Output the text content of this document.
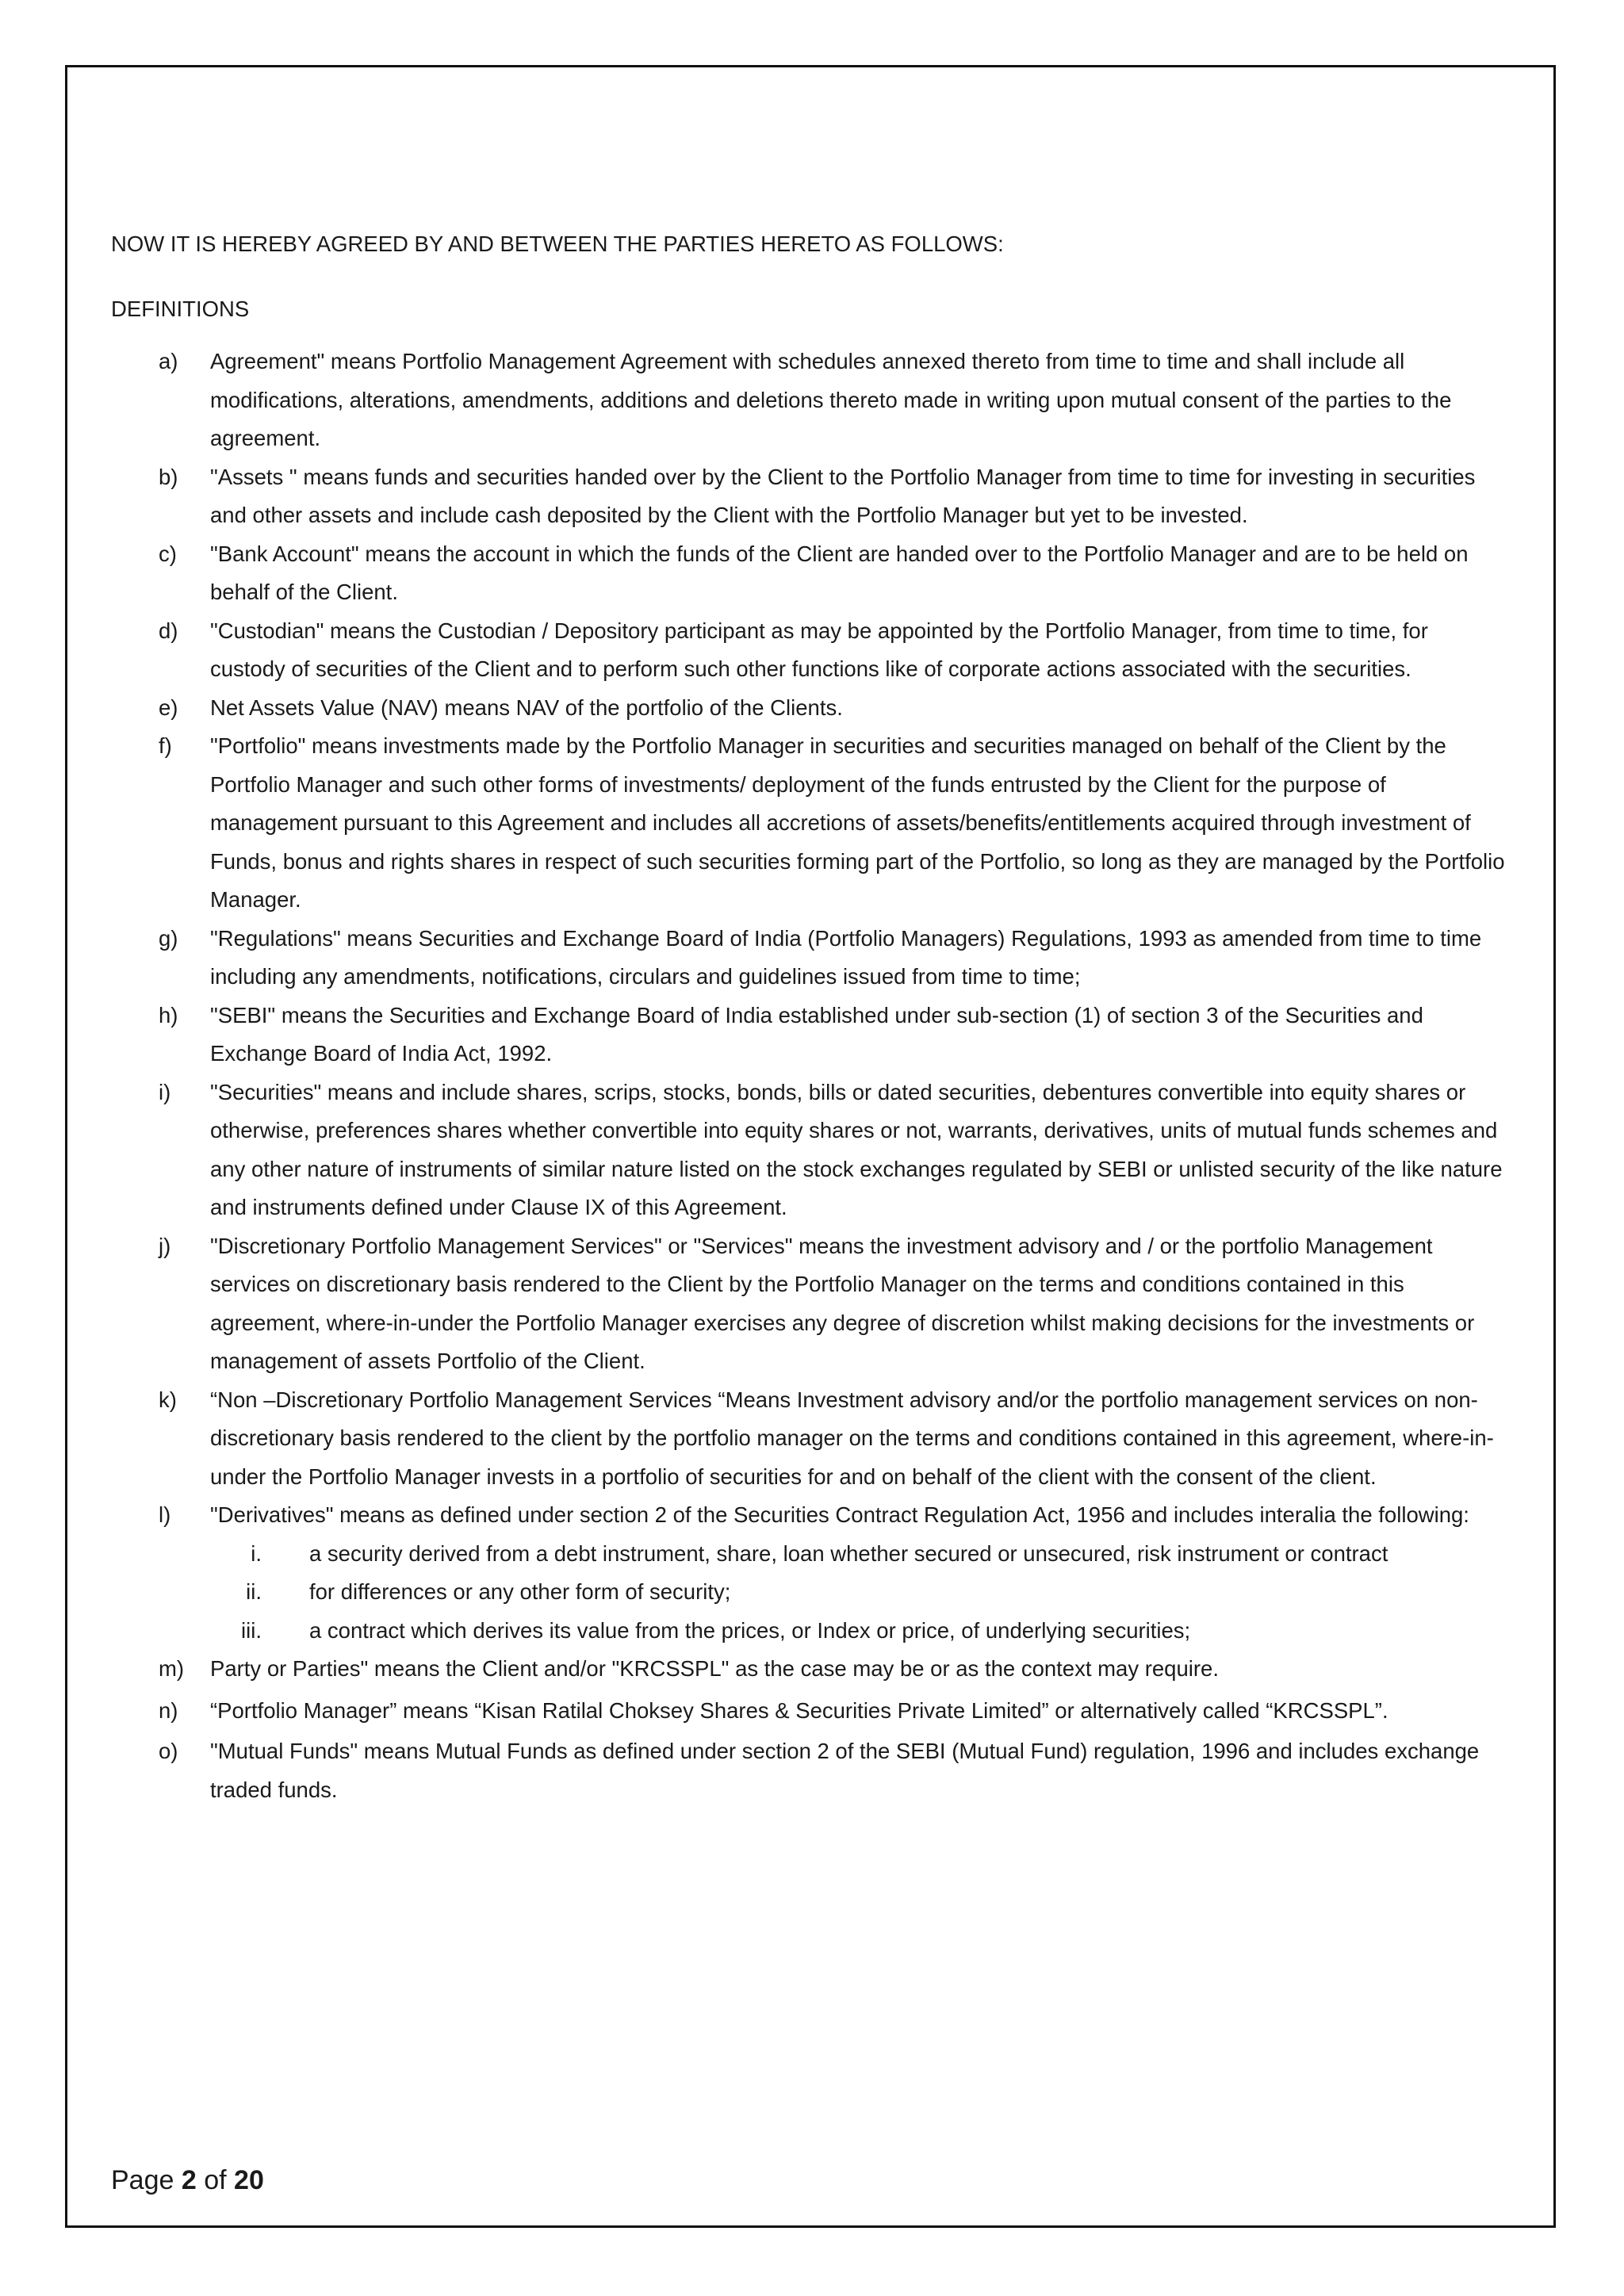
NOW IT IS HEREBY AGREED BY AND BETWEEN THE PARTIES HERETO AS FOLLOWS:

DEFINITIONS

a) Agreement" means Portfolio Management Agreement with schedules annexed thereto from time to time and shall include all modifications, alterations, amendments, additions and deletions thereto made in writing upon mutual consent of the parties to the agreement.

b) "Assets " means funds and securities handed over by the Client to the Portfolio Manager from time to time for investing in securities and other assets and include cash deposited by the Client with the Portfolio Manager but yet to be invested.

c) "Bank Account" means the account in which the funds of the Client are handed over to the Portfolio Manager and are to be held on behalf of the Client.

d) "Custodian" means the Custodian / Depository participant as may be appointed by the Portfolio Manager, from time to time, for custody of securities of the Client and to perform such other functions like of corporate actions associated with the securities.

e) Net Assets Value (NAV) means NAV of the portfolio of the Clients.

f) "Portfolio" means investments made by the Portfolio Manager in securities and securities managed on behalf of the Client by the Portfolio Manager and such other forms of investments/ deployment of the funds entrusted by the Client for the purpose of management pursuant to this Agreement and includes all accretions of assets/benefits/entitlements acquired through investment of Funds, bonus and rights shares in respect of such securities forming part of the Portfolio, so long as they are managed by the Portfolio Manager.

g) "Regulations" means Securities and Exchange Board of India (Portfolio Managers) Regulations, 1993 as amended from time to time including any amendments, notifications, circulars and guidelines issued from time to time;

h) "SEBI" means the Securities and Exchange Board of India established under sub-section (1) of section 3 of the Securities and Exchange Board of India Act, 1992.

i) "Securities" means and include shares, scrips, stocks, bonds, bills or dated securities, debentures convertible into equity shares or otherwise, preferences shares whether convertible into equity shares or not, warrants, derivatives, units of mutual funds schemes and any other nature of instruments of similar nature listed on the stock exchanges regulated by SEBI or unlisted security of the like nature and instruments defined under Clause IX of this Agreement.

j) "Discretionary Portfolio Management Services" or "Services" means the investment advisory and / or the portfolio Management services on discretionary basis rendered to the Client by the Portfolio Manager on the terms and conditions contained in this agreement, where-in-under the Portfolio Manager exercises any degree of discretion whilst making decisions for the investments or management of assets Portfolio of the Client.

k) “Non –Discretionary Portfolio Management Services “Means Investment advisory and/or the portfolio management services on non-discretionary basis rendered to the client by the portfolio manager on the terms and conditions contained in this agreement, where-in-under the Portfolio Manager invests in a portfolio of securities for and on behalf of the client with the consent of the client.

l) "Derivatives" means as defined under section 2 of the Securities Contract Regulation Act, 1956 and includes interalia the following:

i. a security derived from a debt instrument, share, loan whether secured or unsecured, risk instrument or contract

ii. for differences or any other form of security;

iii. a contract which derives its value from the prices, or Index or price, of underlying securities;

m) Party or Parties" means the Client and/or "KRCSSPL" as the case may be or as the context may require.

n) “Portfolio Manager” means “Kisan Ratilal Choksey Shares & Securities Private Limited” or alternatively called “KRCSSPL”.

o) "Mutual Funds" means Mutual Funds as defined under section 2 of the SEBI (Mutual Fund) regulation, 1996 and includes exchange traded funds.

Page 2 of 20
